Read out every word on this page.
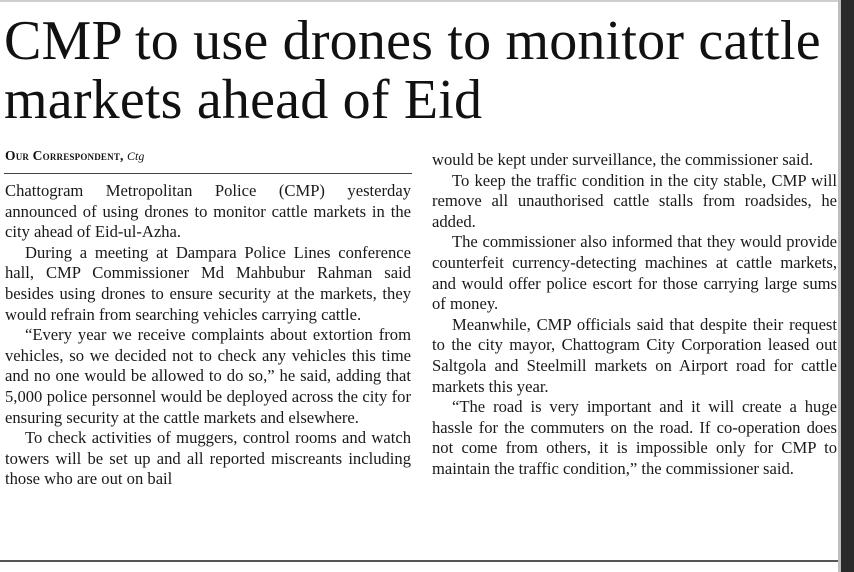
CMP to use drones to monitor cattle markets ahead of Eid
Our Correspondent, Ctg

Chattogram Metropolitan Police (CMP) yesterday announced of using drones to monitor cattle markets in the city ahead of Eid-ul-Azha.

During a meeting at Dampara Police Lines conference hall, CMP Commissioner Md Mahbubur Rahman said besides using drones to ensure security at the markets, they would refrain from searching vehicles carrying cattle.

“Every year we receive complaints about extortion from vehicles, so we decided not to check any vehicles this time and no one would be allowed to do so,” he said, adding that 5,000 police personnel would be deployed across the city for ensuring security at the cattle markets and elsewhere.

To check activities of muggers, control rooms and watch towers will be set up and all reported miscreants including those who are out on bail

would be kept under surveillance, the commissioner said.

To keep the traffic condition in the city stable, CMP will remove all unauthorised cattle stalls from roadsides, he added.

The commissioner also informed that they would provide counterfeit currency-detecting machines at cattle markets, and would offer police escort for those carrying large sums of money.

Meanwhile, CMP officials said that despite their request to the city mayor, Chattogram City Corporation leased out Saltgola and Steelmill markets on Airport road for cattle markets this year.

“The road is very important and it will create a huge hassle for the commuters on the road. If co-operation does not come from others, it is impossible only for CMP to maintain the traffic condition,” the commissioner said.
